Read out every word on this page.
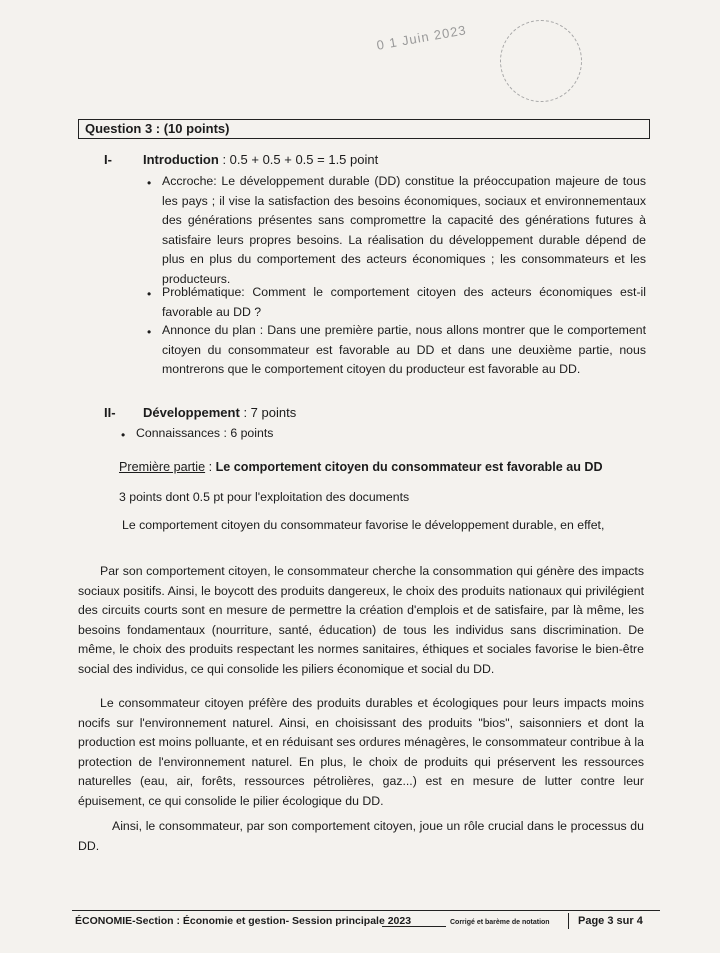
0 1 Juin 2023
Question 3 : (10 points)
I- Introduction : 0.5 + 0.5 + 0.5 = 1.5 point
• Accroche: Le développement durable (DD) constitue la préoccupation majeure de tous les pays ; il vise la satisfaction des besoins économiques, sociaux et environnementaux des générations présentes sans compromettre la capacité des générations futures à satisfaire leurs propres besoins. La réalisation du développement durable dépend de plus en plus du comportement des acteurs économiques ; les consommateurs et les producteurs.
• Problématique: Comment le comportement citoyen des acteurs économiques est-il favorable au DD ?
• Annonce du plan : Dans une première partie, nous allons montrer que le comportement citoyen du consommateur est favorable au DD et dans une deuxième partie, nous montrerons que le comportement citoyen du producteur est favorable au DD.
II- Développement : 7 points
• Connaissances : 6 points
Première partie : Le comportement citoyen du consommateur est favorable au DD
3 points dont 0.5 pt pour l'exploitation des documents
Le comportement citoyen du consommateur favorise le développement durable, en effet,
Par son comportement citoyen, le consommateur cherche la consommation qui génère des impacts sociaux positifs. Ainsi, le boycott des produits dangereux, le choix des produits nationaux qui privilégient des circuits courts sont en mesure de permettre la création d'emplois et de satisfaire, par là même, les besoins fondamentaux (nourriture, santé, éducation) de tous les individus sans discrimination. De même, le choix des produits respectant les normes sanitaires, éthiques et sociales favorise le bien-être social des individus, ce qui consolide les piliers économique et social du DD.
Le consommateur citoyen préfère des produits durables et écologiques pour leurs impacts moins nocifs sur l'environnement naturel. Ainsi, en choisissant des produits "bios", saisonniers et dont la production est moins polluante, et en réduisant ses ordures ménagères, le consommateur contribue à la protection de l'environnement naturel. En plus, le choix de produits qui préservent les ressources naturelles (eau, air, forêts, ressources pétrolières, gaz...) est en mesure de lutter contre leur épuisement, ce qui consolide le pilier écologique du DD.
Ainsi, le consommateur, par son comportement citoyen, joue un rôle crucial dans le processus du DD.
ÉCONOMIE-Section : Économie et gestion- Session principale 2023	Corrigé et barème de notation	Page 3 sur 4
